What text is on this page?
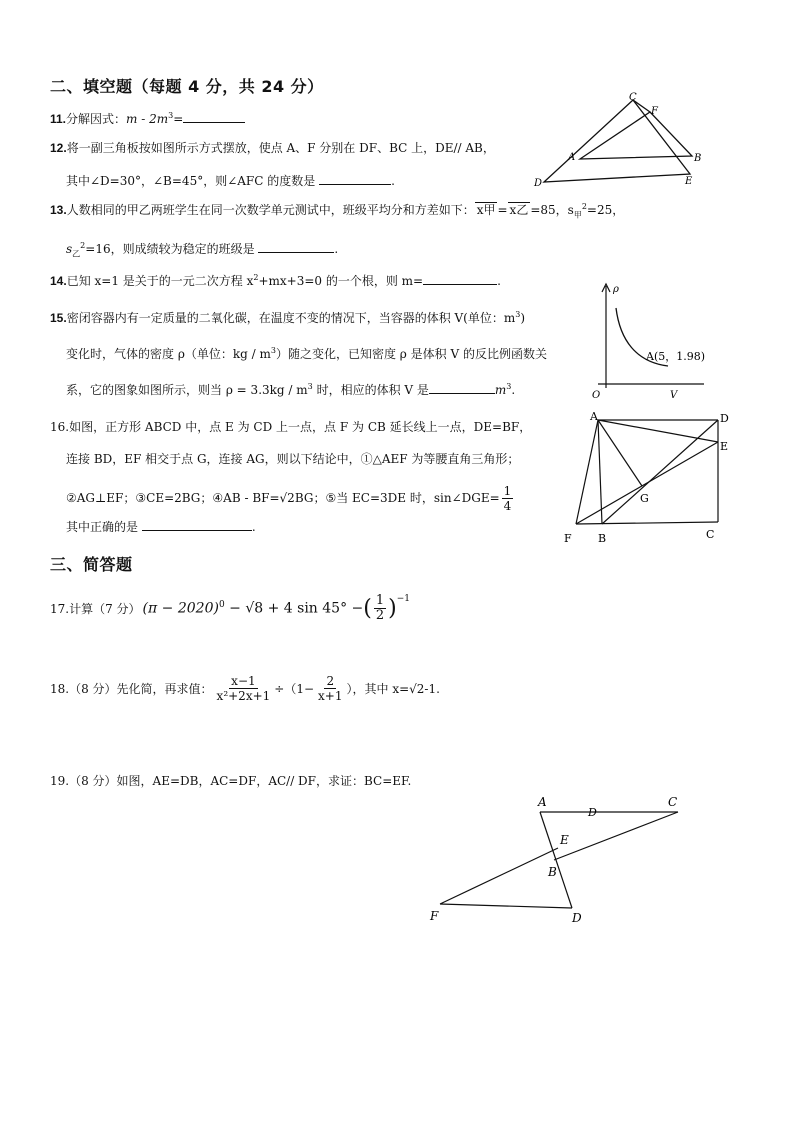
二、填空题（每题 4 分，共 24 分）
11.分解因式：$m - 2m^3=$
12.将一副三角板按如图所示方式摆放，使点 A、F 分别在 DF、BC 上，DE// AB，
其中∠D=30°，∠B=45°，则∠AFC 的度数是	.
C
F
A	B
D	E
13.人数相同的甲乙两班学生在同一次数学单元测试中，班级平均分和方差如下： x甲 = x乙 =85，$s_甲^2=25$，
$s_乙^2=16$，则成绩较为稳定的班级是	.
14.已知 x=1 是关于的一元二次方程 $x^2+mx+3=0$ 的一个根，则 m=	.
15.密闭容器内有一定质量的二氧化碳，在温度不变的情况下，当容器的体积 V(单位：$m^3$)
变化时，气体的密度 ρ（单位：kg / $m^3$）随之变化，已知密度 ρ 是体积 V 的反比例函数关
系，它的图象如图所示，则当 $\rho = 3.3kg / m^3$ 时，相应的体积 V 是	$m^3$.
ρ
V
O
A(5，1.98)
16.如图，正方形 ABCD 中，点 E 为 CD 上一点，点 F 为 CB 延长线上一点，DE=BF，
连接 BD，EF 相交于点 G，连接 AG，则以下结论中，①△AEF 为等腰直角三角形；
②AG⊥EF；③CE=2BG；④AB - BF=√2BG；⑤当 EC=3DE 时，sin∠DGE= $\frac{1}{4}$
其中正确的是	.
A	D
E
G
F B	C
三、简答题
17. 计算（7 分） $(\pi - 2020)^0 - √8 + 4$ sin 45° − ( $\frac{1}{2} )^{-1}$
18. （8 分）先化简，再求值： $\frac{x-1}{\text{x²+2x+1}} \div(1- \frac{2}{x+1}$ ），其中 x= √2 -1.
19.（8 分）如图，AE=DB，AC=DF，AC// DF，求证：BC=EF.
A
D
C
E
B
F	D
